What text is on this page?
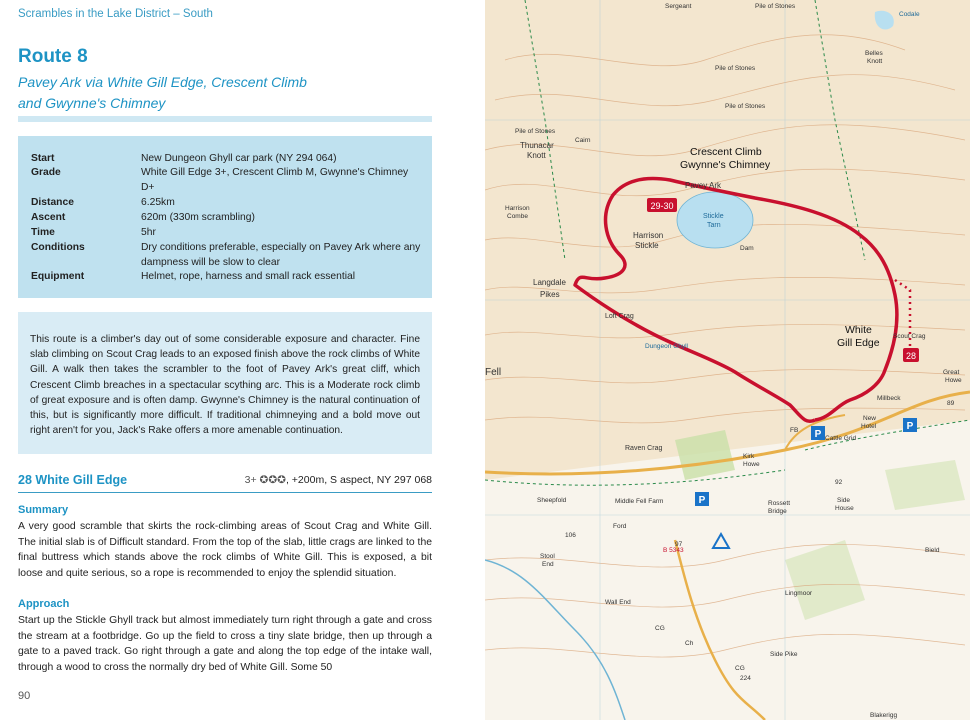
Scrambles in the Lake District – South
Route 8
Pavey Ark via White Gill Edge, Crescent Climb and Gwynne's Chimney
Start	New Dungeon Ghyll car park (NY 294 064)
Grade	White Gill Edge 3+, Crescent Climb M, Gwynne's Chimney D+
Distance	6.25km
Ascent	620m (330m scrambling)
Time	5hr
Conditions	Dry conditions preferable, especially on Pavey Ark where any dampness will be slow to clear
Equipment	Helmet, rope, harness and small rack essential
This route is a climber's day out of some considerable exposure and character. Fine slab climbing on Scout Crag leads to an exposed finish above the rock climbs of White Gill. A walk then takes the scrambler to the foot of Pavey Ark's great cliff, which Crescent Climb breaches in a spectacular scything arc. This is a Moderate rock climb of great exposure and is often damp. Gwynne's Chimney is the natural continuation of this, but is significantly more difficult. If traditional chimneying and a bold move out right aren't for you, Jack's Rake offers a more amenable continuation.
28 White Gill Edge	3+ ✪✪✪, +200m, S aspect, NY 297 068
Summary
A very good scramble that skirts the rock-climbing areas of Scout Crag and White Gill. The initial slab is of Difficult standard. From the top of the slab, little crags are linked to the final buttress which stands above the rock climbs of White Gill. This is exposed, a bit loose and quite serious, so a rope is recommended to enjoy the splendid situation.
Approach
Start up the Stickle Ghyll track but almost immediately turn right through a gate and cross the stream at a footbridge. Go up the field to cross a tiny slate bridge, then up through a gate to a paved track. Go right through a gate and along the top edge of the intake wall, through a wood to cross the normally dry bed of White Gill. Some 50
90
29-30
28
P
P
P
Crescent Climb
Gwynne's Chimney
White
Gill Edge
Pavey Ark
Stickle
Tarn
Harrison
Stickle
Langdale
Pikes
Thunacar
Knott
Pile of Stones
Pile of Stones
Pile of Stones
Pile of Stones
Sergeant
Codale
Belles
Knott
Cairn
Harrison
Combe
Loft Crag
Dungeon Ghyll
Fell
Raven Crag
Kirk
Howe
Sheepfold	Middle Fell Farm	Rossett
Bridge
Side
House
Ford
B 5343
Stool
End
Wall End
Side Pike
New
Hotel
Millbeck
Blakerigg
Bield
Lingmoor
FB
CG
CG
Ch
Cattle Grid
Scout Crag
Dam
Howe
Great
89
92
97
106
224
